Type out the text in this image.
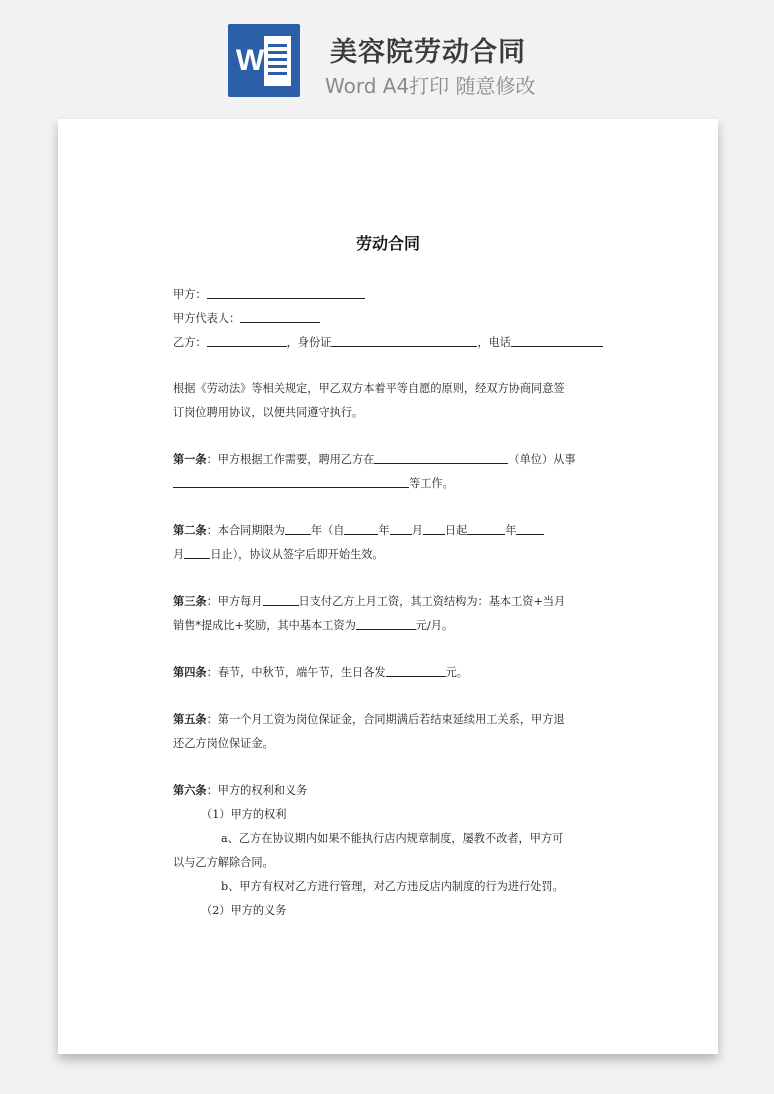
W 美容院劳动合同
Word A4打印 随意修改
劳动合同

甲方：

甲方代表人：

乙方：	，身份证	，电话

根据《劳动法》等相关规定，甲乙双方本着平等自愿的原则，经双方协商同意签
订岗位聘用协议，以便共同遵守执行。

第一条：甲方根据工作需要，聘用乙方在	（单位）从事
等工作。

第二条：本合同期限为 年（自	年 月 日起	年
月 日止），协议从签字后即开始生效。

第三条：甲方每月	日支付乙方上月工资，其工资结构为：基本工资+当月
销售*提成比+奖励，其中基本工资为	元/月。

第四条：春节，中秋节，端午节，生日各发	元。

第五条：第一个月工资为岗位保证金，合同期满后若结束延续用工关系，甲方退
还乙方岗位保证金。

第六条：甲方的权利和义务

（1）甲方的权利

a、乙方在协议期内如果不能执行店内规章制度，屡教不改者，甲方可
以与乙方解除合同。

b、甲方有权对乙方进行管理，对乙方违反店内制度的行为进行处罚。

（2）甲方的义务
